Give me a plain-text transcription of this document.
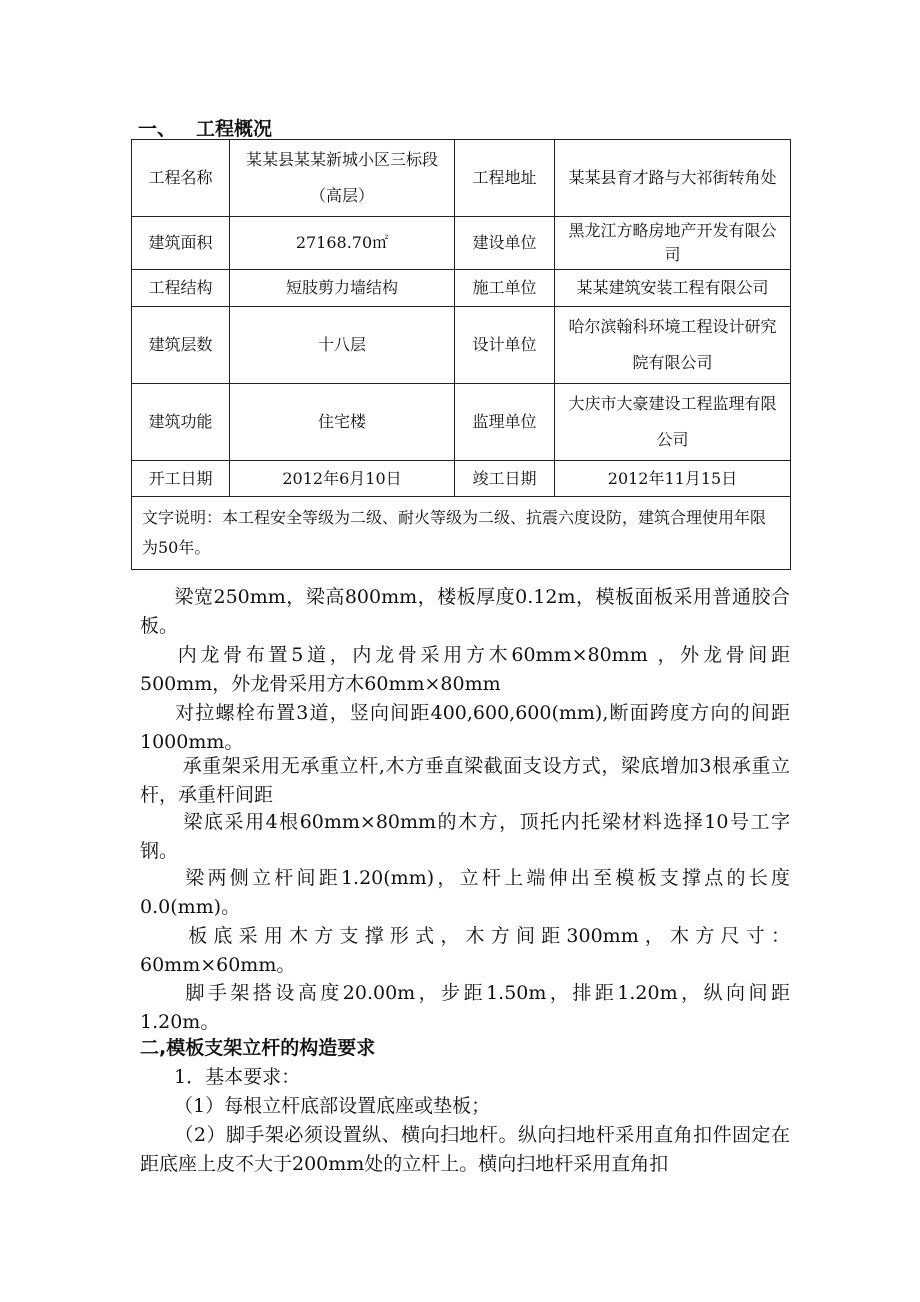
一、 工程概况
工程名称	某某县某某新城小区三标段（高层）	工程地址	某某县育才路与大祁街转角处
建筑面积	27168.70㎡	建设单位	黑龙江方略房地产开发有限公司
工程结构	短肢剪力墙结构	施工单位	某某建筑安装工程有限公司
建筑层数	十八层	设计单位	哈尔滨翰科环境工程设计研究院有限公司
建筑功能	住宅楼	监理单位	大庆市大豪建设工程监理有限公司
开工日期	2012年6月10日	竣工日期	2012年11月15日
文字说明：本工程安全等级为二级、耐火等级为二级、抗震六度设防，建筑合理使用年限为50年。			
梁宽250mm，梁高800mm，楼板厚度0.12m，模板面板采用普通胶合板。
内龙骨布置5道，内龙骨采用方木60mm×80mm ，外龙骨间距500mm，外龙骨采用方木60mm×80mm
对拉螺栓布置3道，竖向间距400,600,600(mm),断面跨度方向的间距1000mm。
承重架采用无承重立杆,木方垂直梁截面支设方式，梁底增加3根承重立杆，承重杆间距
梁底采用4根60mm×80mm的木方，顶托内托梁材料选择10号工字钢。
梁两侧立杆间距1.20(mm)，立杆上端伸出至模板支撑点的长度0.0(mm)。
板底采用木方支撑形式，木方间距300mm，木方尺寸：60mm×60mm。
脚手架搭设高度20.00m，步距1.50m，排距1.20m，纵向间距1.20m。
二,模板支架立杆的构造要求
1．基本要求：
（1）每根立杆底部设置底座或垫板；
（2）脚手架必须设置纵、横向扫地杆。纵向扫地杆采用直角扣件固定在距底座上皮不大于200mm处的立杆上。横向扫地杆采用直角扣
